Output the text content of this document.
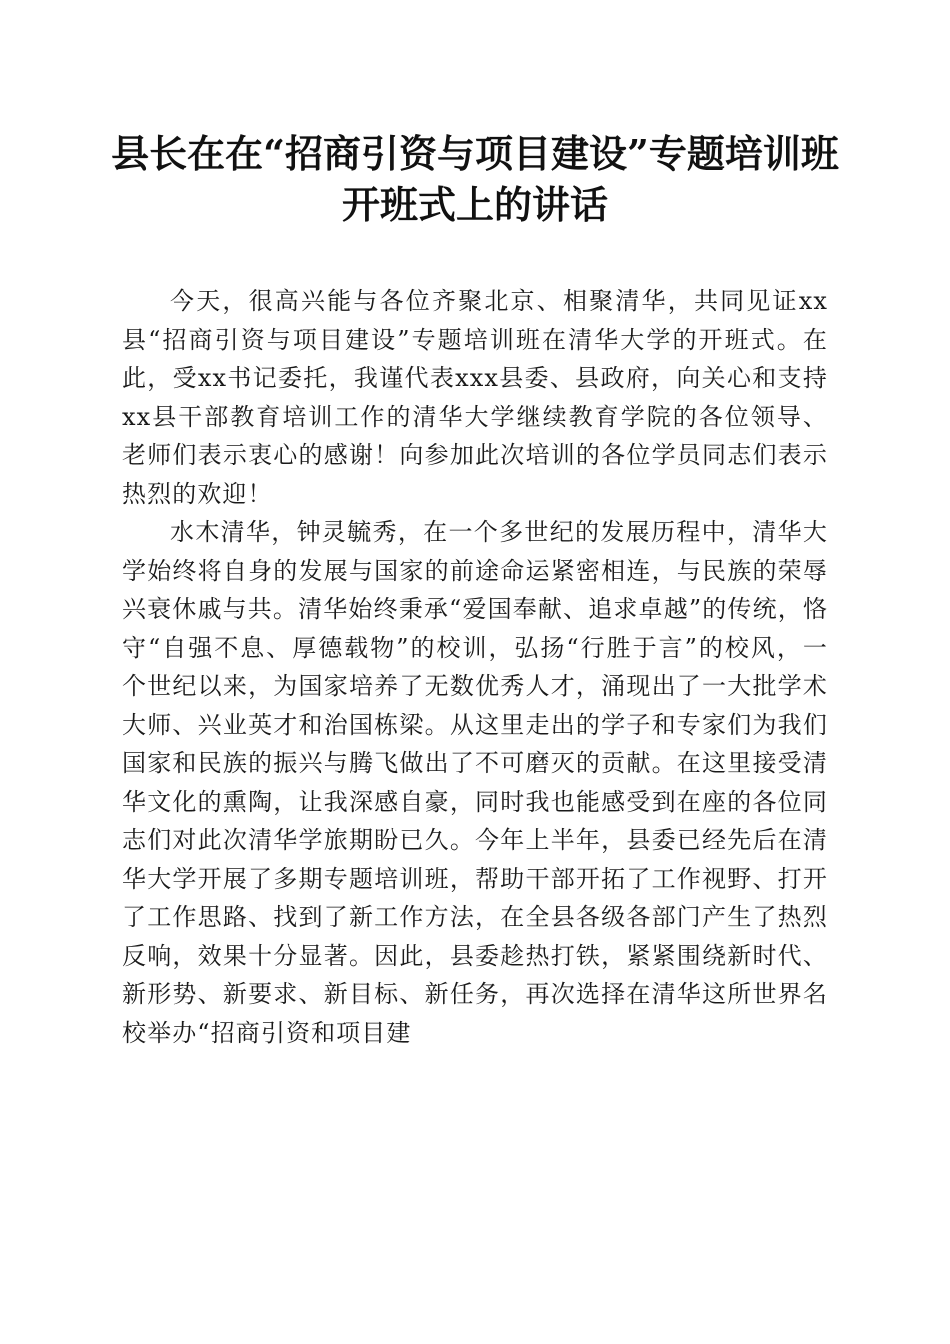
县长在在“招商引资与项目建设”专题培训班
开班式上的讲话

今天，很高兴能与各位齐聚北京、相聚清华，共同见证xx县“招商引资与项目建设”专题培训班在清华大学的开班式。在此，受xx书记委托，我谨代表xxx县委、县政府，向关心和支持xx县干部教育培训工作的清华大学继续教育学院的各位领导、老师们表示衷心的感谢！向参加此次培训的各位学员同志们表示热烈的欢迎！

水木清华，钟灵毓秀，在一个多世纪的发展历程中，清华大学始终将自身的发展与国家的前途命运紧密相连，与民族的荣辱兴衰休戚与共。清华始终秉承“爱国奉献、追求卓越”的传统，恪守“自强不息、厚德载物”的校训，弘扬“行胜于言”的校风，一个世纪以来，为国家培养了无数优秀人才，涌现出了一大批学术大师、兴业英才和治国栋梁。从这里走出的学子和专家们为我们国家和民族的振兴与腾飞做出了不可磨灭的贡献。在这里接受清华文化的熏陶，让我深感自豪，同时我也能感受到在座的各位同志们对此次清华学旅期盼已久。今年上半年，县委已经先后在清华大学开展了多期专题培训班，帮助干部开拓了工作视野、打开了工作思路、找到了新工作方法，在全县各级各部门产生了热烈反响，效果十分显著。因此，县委趁热打铁，紧紧围绕新时代、新形势、新要求、新目标、新任务，再次选择在清华这所世界名校举办“招商引资和项目建
